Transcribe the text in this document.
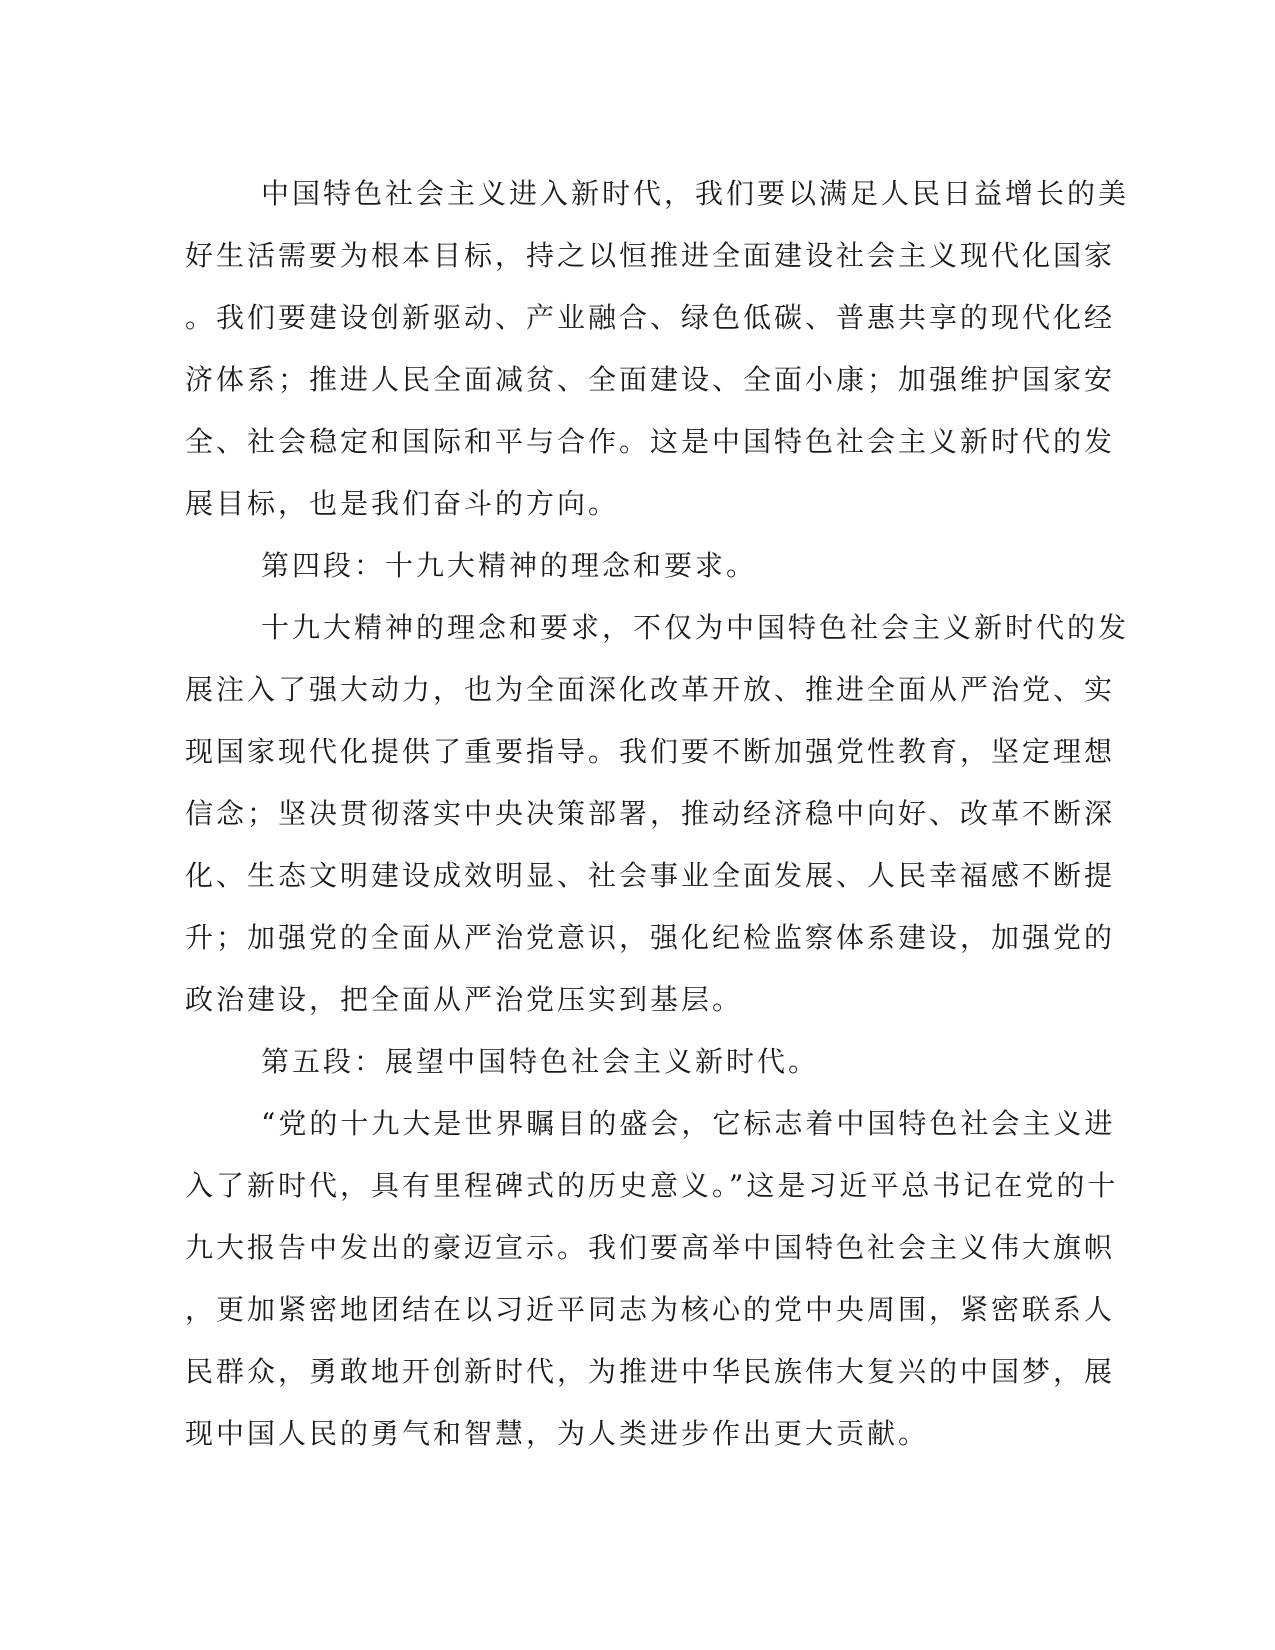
中国特色社会主义进入新时代，我们要以满足人民日益增长的美
好生活需要为根本目标，持之以恒推进全面建设社会主义现代化国家
。我们要建设创新驱动、产业融合、绿色低碳、普惠共享的现代化经
济体系；推进人民全面减贫、全面建设、全面小康；加强维护国家安
全、社会稳定和国际和平与合作。这是中国特色社会主义新时代的发
展目标，也是我们奋斗的方向。
第四段：十九大精神的理念和要求。
十九大精神的理念和要求，不仅为中国特色社会主义新时代的发
展注入了强大动力，也为全面深化改革开放、推进全面从严治党、实
现国家现代化提供了重要指导。我们要不断加强党性教育，坚定理想
信念；坚决贯彻落实中央决策部署，推动经济稳中向好、改革不断深
化、生态文明建设成效明显、社会事业全面发展、人民幸福感不断提
升；加强党的全面从严治党意识，强化纪检监察体系建设，加强党的
政治建设，把全面从严治党压实到基层。
第五段：展望中国特色社会主义新时代。
“党的十九大是世界瞩目的盛会，它标志着中国特色社会主义进
入了新时代，具有里程碑式的历史意义。”这是习近平总书记在党的十
九大报告中发出的豪迈宣示。我们要高举中国特色社会主义伟大旗帜
，更加紧密地团结在以习近平同志为核心的党中央周围，紧密联系人
民群众，勇敢地开创新时代，为推进中华民族伟大复兴的中国梦，展
现中国人民的勇气和智慧，为人类进步作出更大贡献。
